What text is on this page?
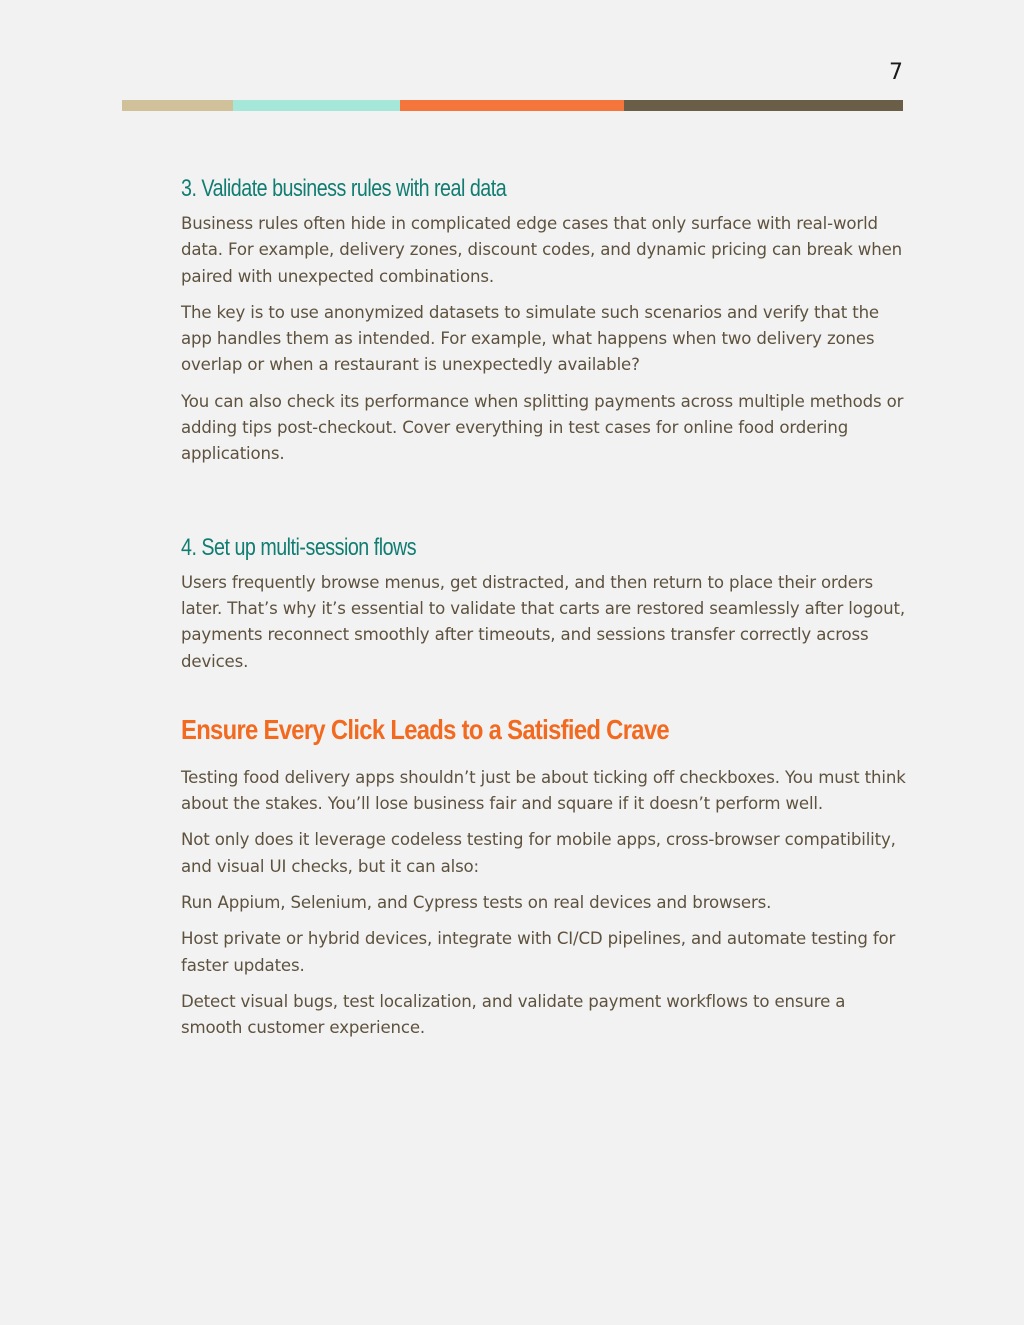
7
3. Validate business rules with real data

Business rules often hide in complicated edge cases that only surface with real-world data. For example, delivery zones, discount codes, and dynamic pricing can break when paired with unexpected combinations.

The key is to use anonymized datasets to simulate such scenarios and verify that the app handles them as intended. For example, what happens when two delivery zones overlap or when a restaurant is unexpectedly available?

You can also check its performance when splitting payments across multiple methods or adding tips post-checkout. Cover everything in test cases for online food ordering applications.

4. Set up multi-session flows

Users frequently browse menus, get distracted, and then return to place their orders later. That’s why it’s essential to validate that carts are restored seamlessly after logout, payments reconnect smoothly after timeouts, and sessions transfer correctly across devices.

Ensure Every Click Leads to a Satisfied Crave

Testing food delivery apps shouldn’t just be about ticking off checkboxes. You must think about the stakes. You’ll lose business fair and square if it doesn’t perform well.

Not only does it leverage codeless testing for mobile apps, cross-browser compatibility, and visual UI checks, but it can also:

Run Appium, Selenium, and Cypress tests on real devices and browsers.

Host private or hybrid devices, integrate with CI/CD pipelines, and automate testing for faster updates.

Detect visual bugs, test localization, and validate payment workflows to ensure a smooth customer experience.
